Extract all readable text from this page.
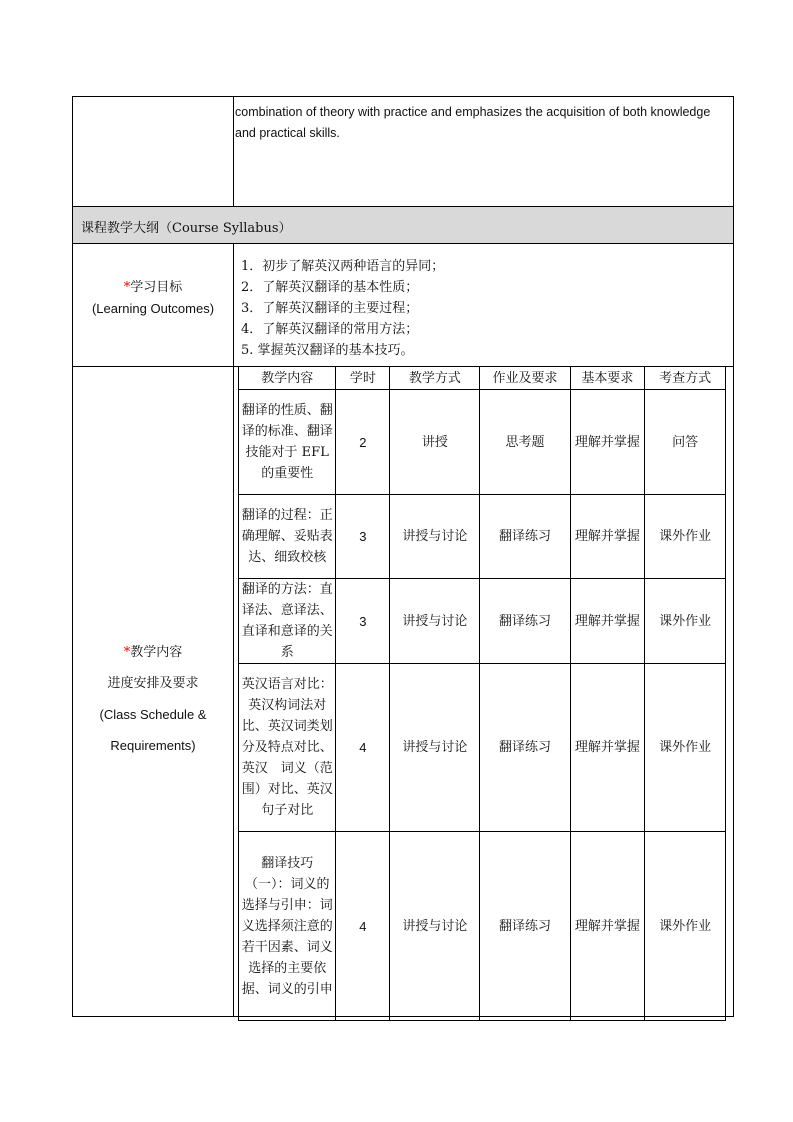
combination of theory with practice and emphasizes the acquisition of both knowledge and practical skills.
课程教学大纲（Course Syllabus）
*学习目标
(Learning Outcomes)
1．初步了解英汉两种语言的异同；
2．了解英汉翻译的基本性质；
3．了解英汉翻译的主要过程；
4．了解英汉翻译的常用方法；
5. 掌握英汉翻译的基本技巧。
*教学内容
进度安排及要求
(Class Schedule &
Requirements)
教学内容	学时	教学方式	作业及要求	基本要求	考查方式
翻译的性质、翻译的标准、翻译技能对于 EFL 的重要性	2	讲授	思考题	理解并掌握	问答
翻译的过程：正确理解、妥贴表达、细致校核	3	讲授与讨论	翻译练习	理解并掌握	课外作业
翻译的方法：直译法、意译法、直译和意译的关系	3	讲授与讨论	翻译练习	理解并掌握	课外作业
英汉语言对比：英汉构词法对比、英汉词类划分及特点对比、英汉　词义（范围）对比、英汉句子对比	4	讲授与讨论	翻译练习	理解并掌握	课外作业
翻译技巧（一）：词义的选择与引申：词义选择须注意的若干因素、词义选择的主要依据、词义的引申	4	讲授与讨论	翻译练习	理解并掌握	课外作业
